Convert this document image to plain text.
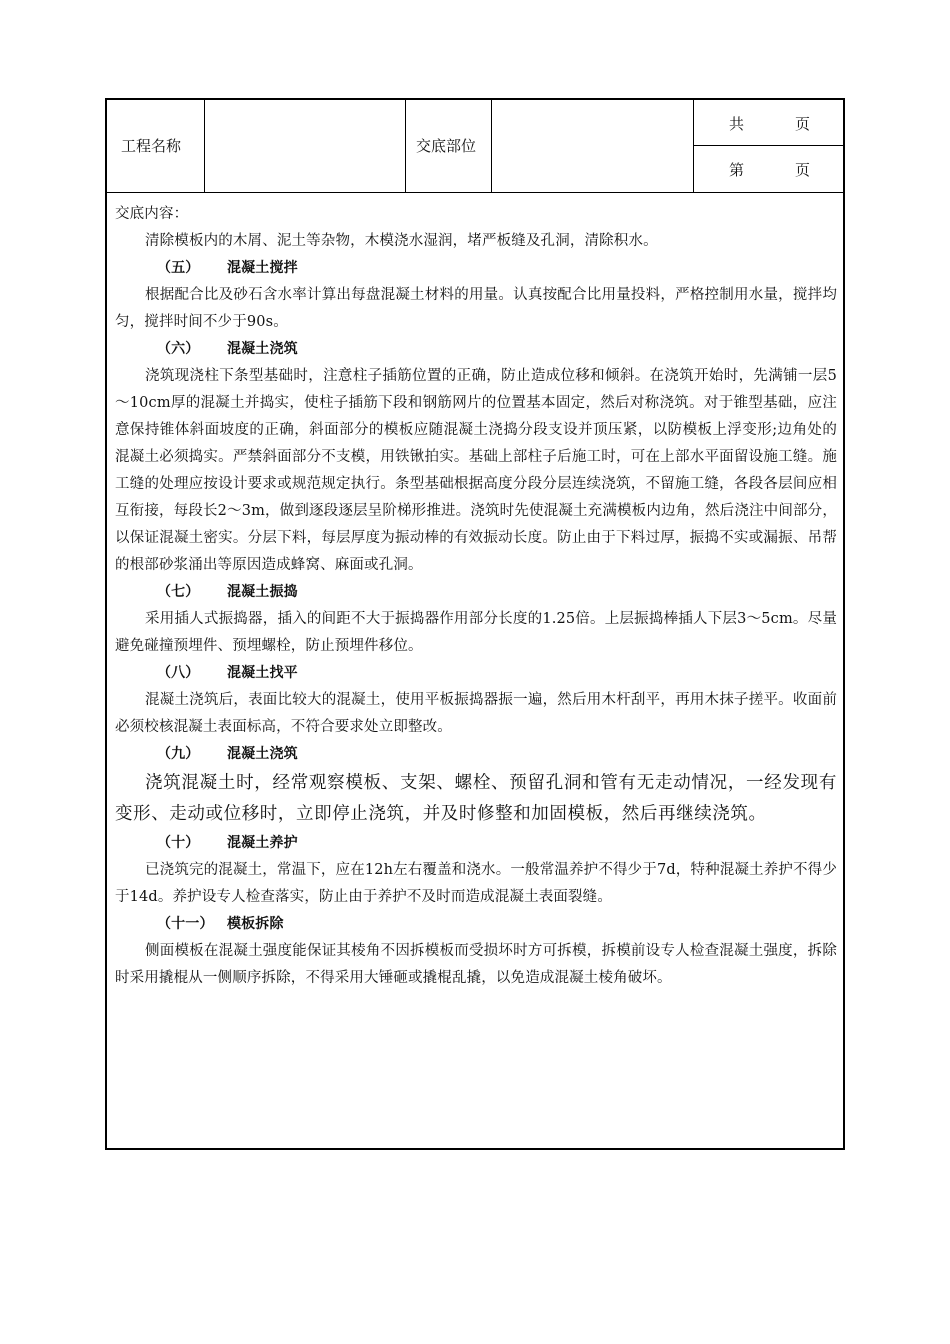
工程名称	交底部位
共	页
第	页

交底内容：

清除模板内的木屑、泥土等杂物，木模浇水湿润，堵严板缝及孔洞，清除积水。

（五） 混凝土搅拌

根据配合比及砂石含水率计算出每盘混凝土材料的用量。认真按配合比用量投料，严格控制用水量，搅拌均匀，搅拌时间不少于90s。

（六） 混凝土浇筑

浇筑现浇柱下条型基础时，注意柱子插筋位置的正确，防止造成位移和倾斜。在浇筑开始时，先满铺一层5～10cm厚的混凝土并捣实，使柱子插筋下段和钢筋网片的位置基本固定，然后对称浇筑。对于锥型基础，应注意保持锥体斜面坡度的正确，斜面部分的模板应随混凝土浇捣分段支设并顶压紧，以防模板上浮变形;边角处的混凝土必须捣实。严禁斜面部分不支模，用铁锹拍实。基础上部柱子后施工时，可在上部水平面留设施工缝。施工缝的处理应按设计要求或规范规定执行。条型基础根据高度分段分层连续浇筑，不留施工缝，各段各层间应相互衔接，每段长2～3m，做到逐段逐层呈阶梯形推进。浇筑时先使混凝土充满模板内边角，然后浇注中间部分，以保证混凝土密实。分层下料，每层厚度为振动棒的有效振动长度。防止由于下料过厚，振捣不实或漏振、吊帮的根部砂浆涌出等原因造成蜂窝、麻面或孔洞。

（七） 混凝土振捣

采用插人式振捣器，插入的间距不大于振捣器作用部分长度的1.25倍。上层振捣棒插人下层3～5cm。尽量避免碰撞预埋件、预埋螺栓，防止预埋件移位。

（八） 混凝土找平

混凝土浇筑后，表面比较大的混凝土，使用平板振捣器振一遍，然后用木杆刮平，再用木抹子搓平。收面前必须校核混凝土表面标高，不符合要求处立即整改。

（九） 混凝土浇筑

浇筑混凝土时，经常观察模板、支架、螺栓、预留孔洞和管有无走动情况，一经发现有变形、走动或位移时，立即停止浇筑，并及时修整和加固模板，然后再继续浇筑。

（十） 混凝土养护

已浇筑完的混凝土，常温下，应在12h左右覆盖和浇水。一般常温养护不得少于7d，特种混凝土养护不得少于14d。养护设专人检查落实，防止由于养护不及时而造成混凝土表面裂缝。

（十一） 模板拆除

侧面模板在混凝土强度能保证其棱角不因拆模板而受损坏时方可拆模，拆模前设专人检查混凝土强度，拆除时采用撬棍从一侧顺序拆除，不得采用大锤砸或撬棍乱撬，以免造成混凝土棱角破坏。
